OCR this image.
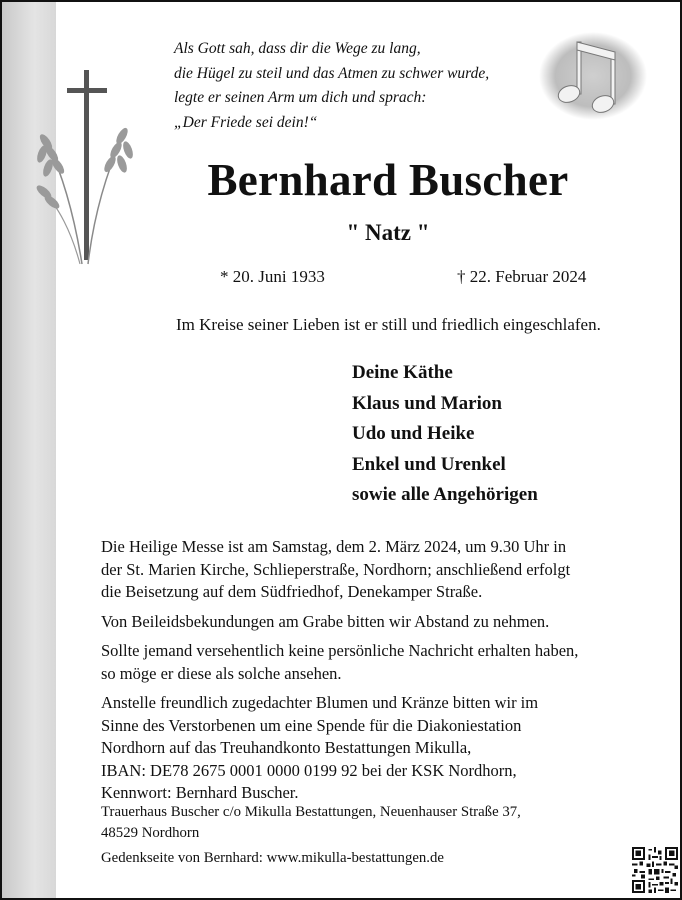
Als Gott sah, dass dir die Wege zu lang,
die Hügel zu steil und das Atmen zu schwer wurde,
legte er seinen Arm um dich und sprach:
„Der Friede sei dein!“
Bernhard Buscher
" Natz "
* 20. Juni 1933	† 22. Februar 2024
Im Kreise seiner Lieben ist er still und friedlich eingeschlafen.
Deine Käthe
Klaus und Marion
Udo und Heike
Enkel und Urenkel
sowie alle Angehörigen

Die Heilige Messe ist am Samstag, dem 2. März 2024, um 9.30 Uhr in
der St. Marien Kirche, Schlieperstraße, Nordhorn; anschließend erfolgt
die Beisetzung auf dem Südfriedhof, Denekamper Straße.

Von Beileidsbekundungen am Grabe bitten wir Abstand zu nehmen.

Sollte jemand versehentlich keine persönliche Nachricht erhalten haben,
so möge er diese als solche ansehen.

Anstelle freundlich zugedachter Blumen und Kränze bitten wir im
Sinne des Verstorbenen um eine Spende für die Diakoniestation
Nordhorn auf das Treuhandkonto Bestattungen Mikulla,
IBAN: DE78 2675 0001 0000 0199 92 bei der KSK Nordhorn,
Kennwort: Bernhard Buscher.

Trauerhaus Buscher c/o Mikulla Bestattungen, Neuenhauser Straße 37,
48529 Nordhorn
Gedenkseite von Bernhard: www.mikulla-bestattungen.de
